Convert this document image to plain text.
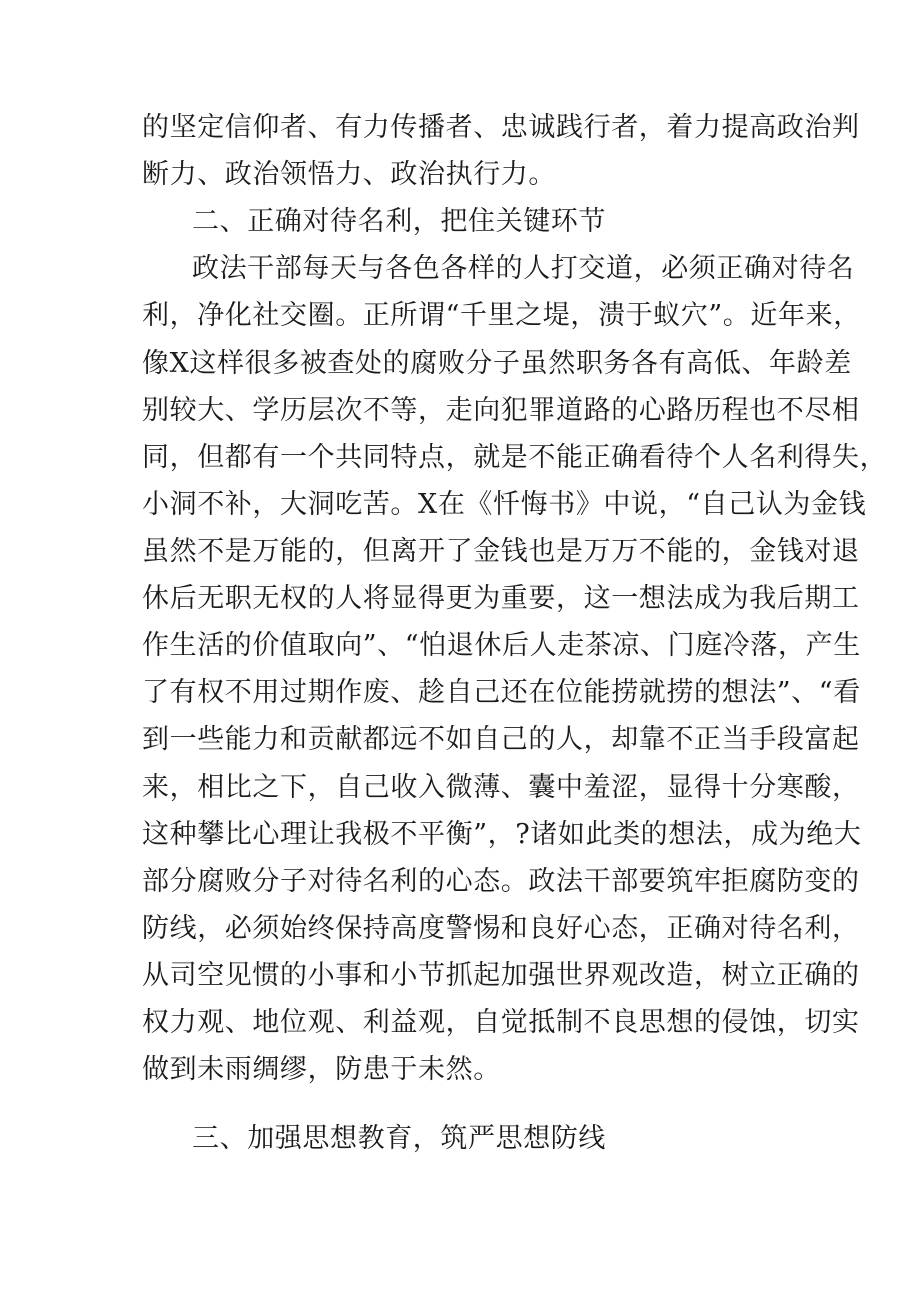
的坚定信仰者、有力传播者、忠诚践行者，着力提高政治判
断力、政治领悟力、政治执行力。
二、正确对待名利，把住关键环节
政法干部每天与各色各样的人打交道，必须正确对待名
利，净化社交圈。正所谓“千里之堤，溃于蚁穴”。近年来，
像X这样很多被查处的腐败分子虽然职务各有高低、年龄差
别较大、学历层次不等，走向犯罪道路的心路历程也不尽相
同，但都有一个共同特点，就是不能正确看待个人名利得失，
小洞不补，大洞吃苦。X在《忏悔书》中说，“自己认为金钱
虽然不是万能的，但离开了金钱也是万万不能的，金钱对退
休后无职无权的人将显得更为重要，这一想法成为我后期工
作生活的价值取向”、“怕退休后人走茶凉、门庭冷落，产生
了有权不用过期作废、趁自己还在位能捞就捞的想法”、“看
到一些能力和贡献都远不如自己的人，却靠不正当手段富起
来，相比之下，自己收入微薄、囊中羞涩，显得十分寒酸，
这种攀比心理让我极不平衡”，?诸如此类的想法，成为绝大
部分腐败分子对待名利的心态。政法干部要筑牢拒腐防变的
防线，必须始终保持高度警惕和良好心态，正确对待名利，
从司空见惯的小事和小节抓起加强世界观改造，树立正确的
权力观、地位观、利益观，自觉抵制不良思想的侵蚀，切实
做到未雨绸缪，防患于未然。
三、加强思想教育，筑严思想防线
